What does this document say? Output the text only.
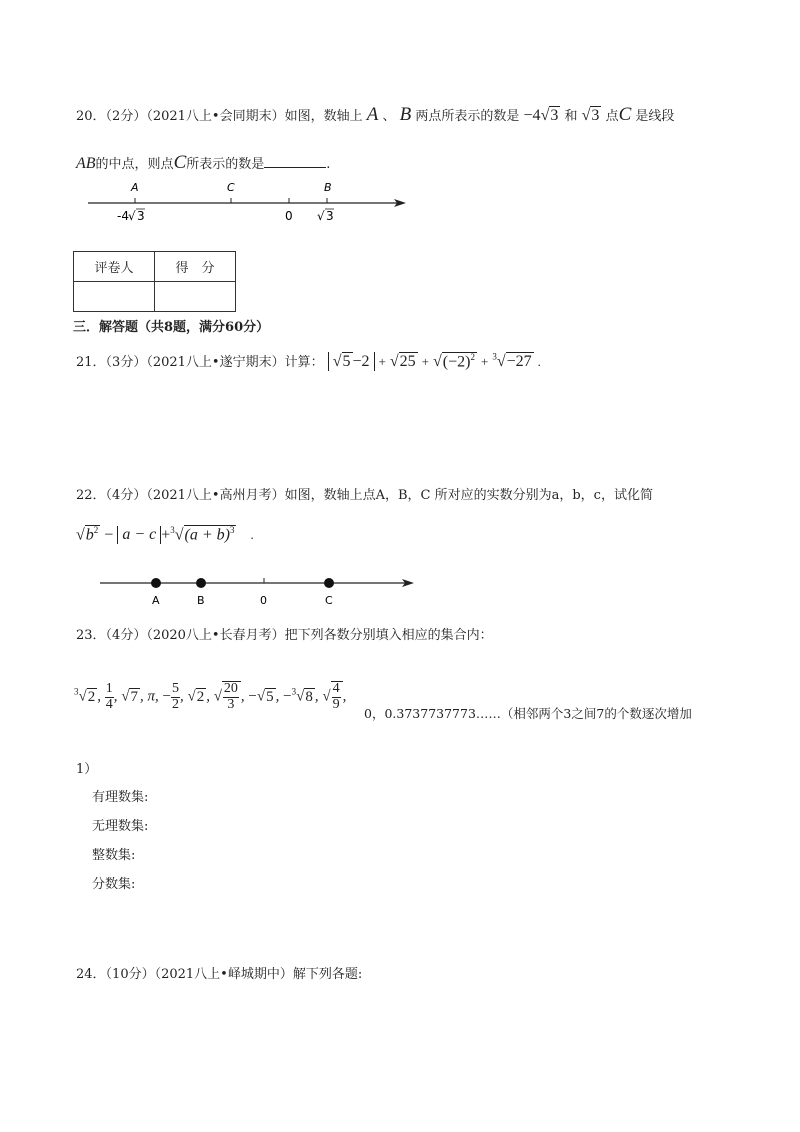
20．（2分）（2021八上•会同期末）如图，数轴上 A 、 B 两点所表示的数是 −4√3 和 √3 点C 是线段
AB的中点，则点C所表示的数是	.
A	C	B
-4 √ 3	0 √ 3
评卷人	得　分

三．解答题（共8题，满分60分）
21．（3分）（2021八上•遂宁期末）计算： $√5 -2 + √25 + √(-2)^2 + ^3√-27$ .
22．（4分）（2021八上•高州月考）如图，数轴上点A，B，C 所对应的实数分别为a，b，c，试化简
$√b^2 - a - c +^3√(a + b)^3$ .
A	B	0	C
23．（4分）（2020八上•长春月考）把下列各数分别填入相应的集合内：
$^3$√2 , $\frac{1}{4}$ , √7 , π, − $\frac{5}{2}$ , √2 , √ $\frac{20}{3}$ , −√5 , −$^3$√8 , √ $\frac{4}{9}$ ,
0，0.3737737773……（相邻两个3之间7的个数逐次增加
1）
有理数集:
无理数集:
整数集:
分数集:
24．（10分）（2021八上•峄城期中）解下列各题:
